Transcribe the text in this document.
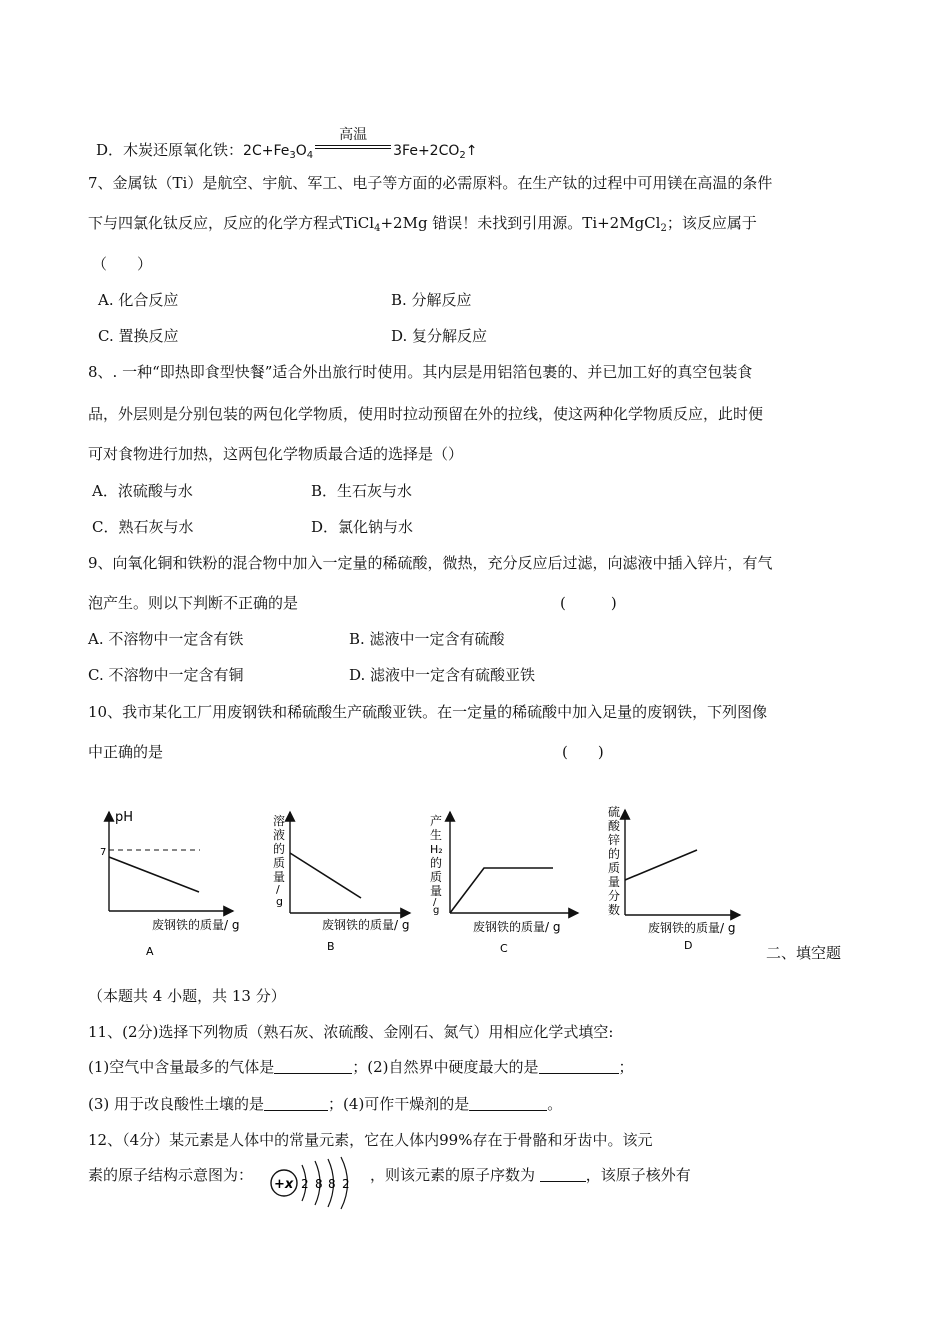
D．木炭还原氧化铁：$2C+Fe_3O_4$
高温
$3Fe+2CO_2↑$
7、金属钛（Ti）是航空、宇航、军工、电子等方面的必需原料。在生产钛的过程中可用镁在高温的条件
下与四氯化钛反应，反应的化学方程式TiCl$_4$+2Mg 错误！未找到引用源。Ti+2MgCl$_2$；该反应属于
（　　）
A. 化合反应	B. 分解反应
C. 置换反应	D. 复分解反应
8、. 一种“即热即食型快餐”适合外出旅行时使用。其内层是用铝箔包裹的、并已加工好的真空包装食
品，外层则是分别包装的两包化学物质，使用时拉动预留在外的拉线，使这两种化学物质反应，此时便
可对食物进行加热，这两包化学物质最合适的选择是（）
A．浓硫酸与水	B．生石灰与水
C．熟石灰与水	D．氯化钠与水
9、向氧化铜和铁粉的混合物中加入一定量的稀硫酸，微热，充分反应后过滤，向滤液中插入锌片，有气
泡产生。则以下判断不正确的是	(　　　)
A. 不溶物中一定含有铁	B. 滤液中一定含有硫酸
C. 不溶物中一定含有铜	D. 滤液中一定含有硫酸亚铁
10、我市某化工厂用废钢铁和稀硫酸生产硫酸亚铁。在一定量的稀硫酸中加入足量的废钢铁，下列图像
中正确的是	(　　)
pH
7
废钢铁的质量/ g
A
溶
液
的
质
量
/
g
废钢铁的质量/ g
B
产
生
H₂
的
质
量
/
g
废钢铁的质量/ g
C
硫
酸
锌
的
质
量
分
数
废钢铁的质量/ g
D	二、填空题
（本题共 4 小题，共 13 分）
11、(2分)选择下列物质（熟石灰、浓硫酸、金刚石、氮气）用相应化学式填空:
(1)空气中含量最多的气体是	；(2)自然界中硬度最大的是	；
(3) 用于改良酸性土壤的是	；(4)可作干燥剂的是	。
12、（4分）某元素是人体中的常量元素，它在人体内99%存在于骨骼和牙齿中。该元
素的原子结构示意图为：
+x 2 8 8 2 ，则该元素的原子序数为	，该原子核外有
